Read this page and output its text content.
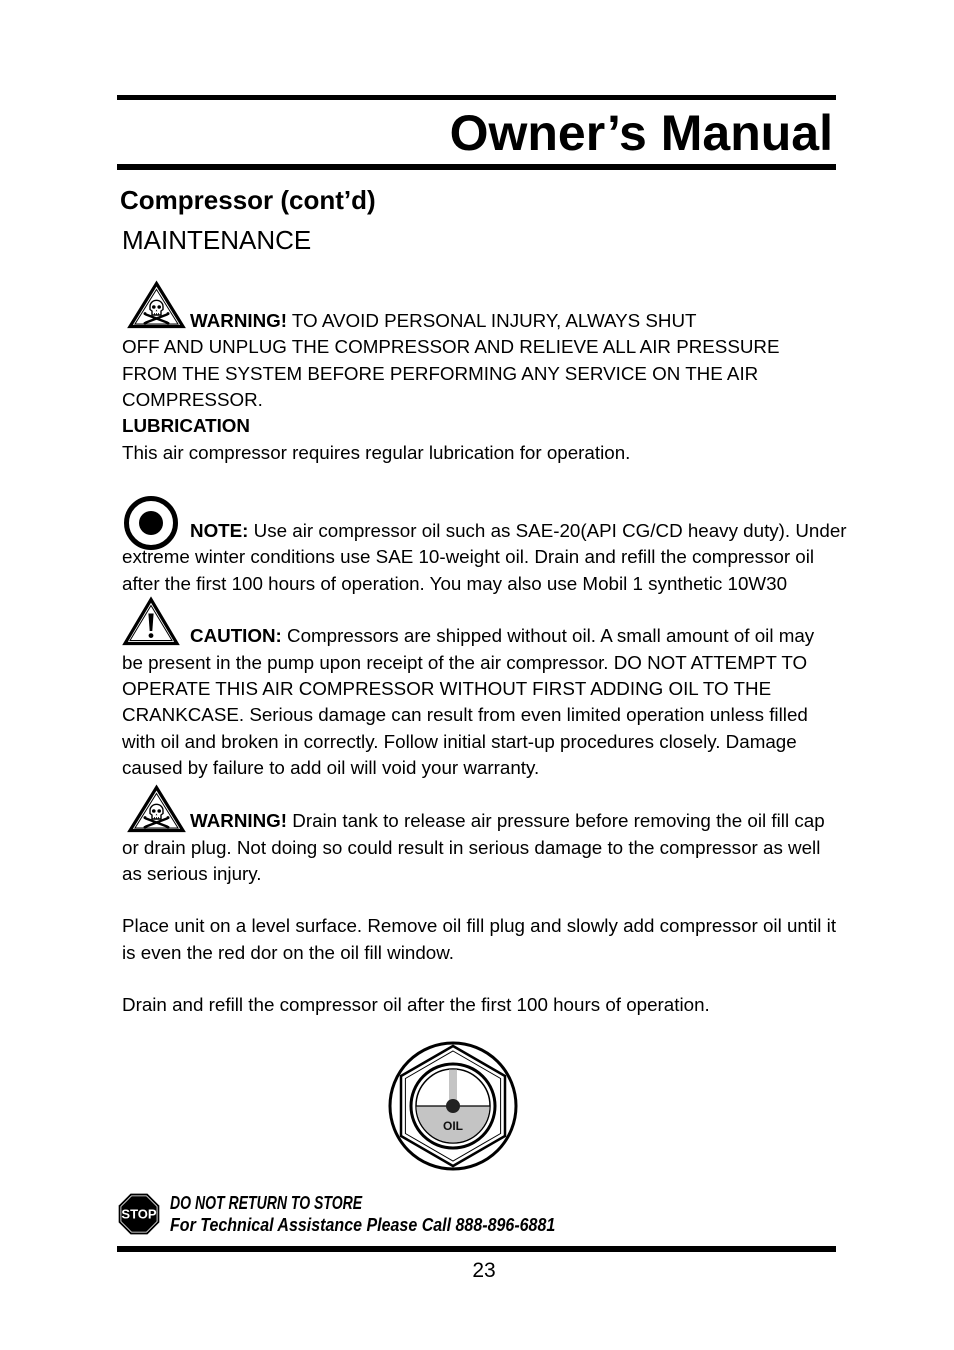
Owner’s Manual
Compressor (cont’d)
MAINTENANCE
WARNING! TO AVOID PERSONAL INJURY, ALWAYS SHUT
OFF AND UNPLUG THE COMPRESSOR AND RELIEVE ALL AIR PRESSURE
FROM THE SYSTEM BEFORE PERFORMING ANY SERVICE ON THE AIR
COMPRESSOR.
LUBRICATION
This air compressor requires regular lubrication for operation.
NOTE: Use air compressor oil such as SAE-20(API CG/CD heavy duty). Under
extreme winter conditions use SAE 10-weight oil. Drain and refill the compressor oil
after the first 100 hours of operation. You may also use Mobil 1 synthetic 10W30
CAUTION: Compressors are shipped without oil. A small amount of oil may
be present in the pump upon receipt of the air compressor. DO NOT ATTEMPT TO
OPERATE THIS AIR COMPRESSOR WITHOUT FIRST ADDING OIL TO THE
CRANKCASE. Serious damage can result from even limited operation unless filled
with oil and broken in correctly. Follow initial start-up procedures closely. Damage
caused by failure to add oil will void your warranty.
WARNING! Drain tank to release air pressure before removing the oil fill cap
or drain plug. Not doing so could result in serious damage to the compressor as well
as serious injury.
Place unit on a level surface. Remove oil fill plug and slowly add compressor oil until it
is even the red dor on the oil fill window.
Drain and refill the compressor oil after the first 100 hours of operation.
OIL
STOP
DO NOT RETURN TO STORE
For Technical Assistance Please Call 888-896-6881
23
